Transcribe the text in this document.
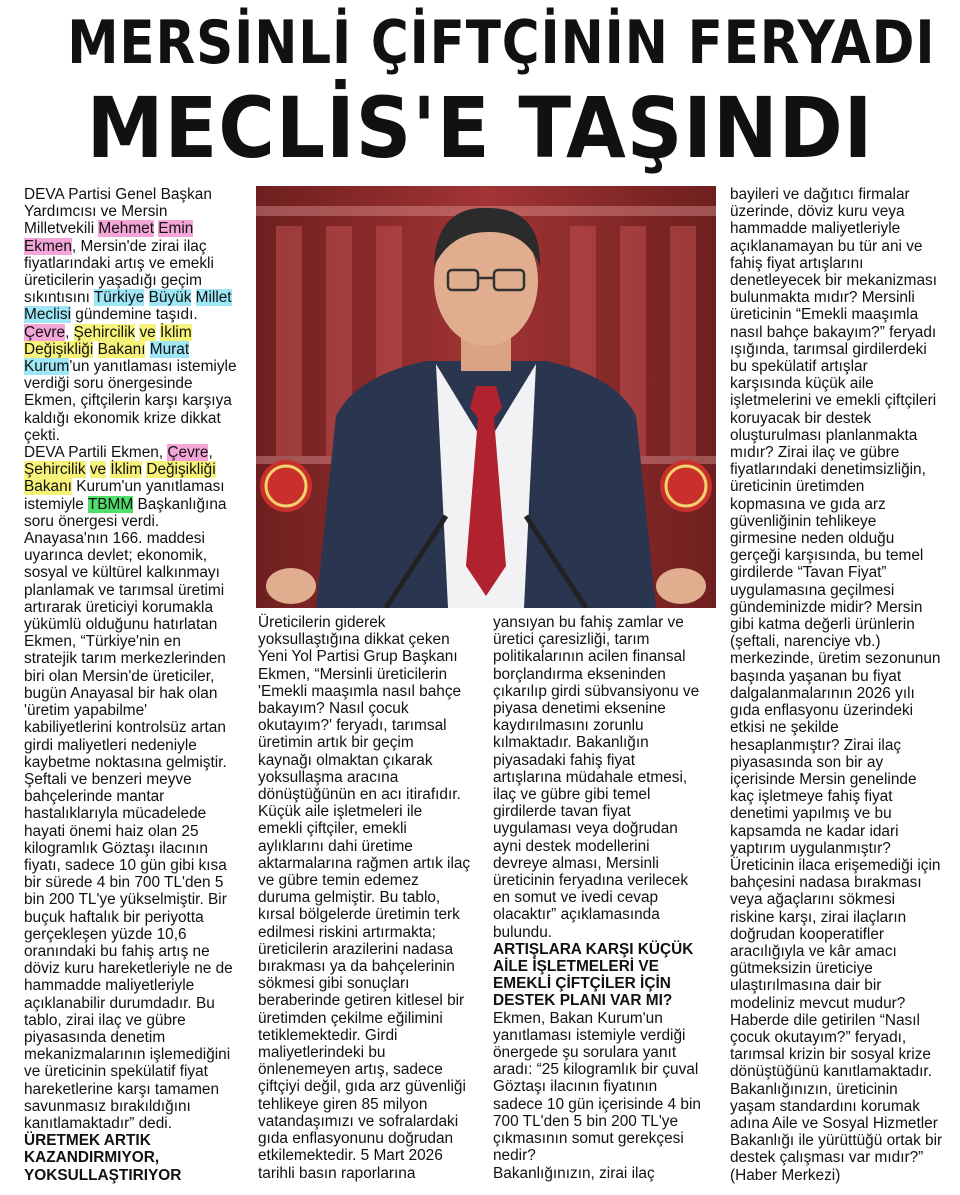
MERSİNLİ ÇİFTÇİNİN FERYADI
MECLİS'E TAŞINDI

DEVA Partisi Genel Başkan

Yardımcısı ve Mersin

Milletvekili Mehmet Emin

Ekmen, Mersin'de zirai ilaç

fiyatlarındaki artış ve emekli

üreticilerin yaşadığı geçim

sıkıntısını Türkiye Büyük Millet

Meclisi gündemine taşıdı.

Çevre, Şehircilik ve İklim

Değişikliği Bakanı Murat

Kurum'un yanıtlaması istemiyle

verdiği soru önergesinde

Ekmen, çiftçilerin karşı karşıya

kaldığı ekonomik krize dikkat

çekti.

DEVA Partili Ekmen, Çevre,

Şehircilik ve İklim Değişikliği

Bakanı Kurum'un yanıtlaması

istemiyle TBMM Başkanlığına

soru önergesi verdi.

Anayasa'nın 166. maddesi

uyarınca devlet; ekonomik,

sosyal ve kültürel kalkınmayı

planlamak ve tarımsal üretimi

artırarak üreticiyi korumakla

yükümlü olduğunu hatırlatan

Ekmen, “Türkiye'nin en

stratejik tarım merkezlerinden

biri olan Mersin'de üreticiler,

bugün Anayasal bir hak olan

'üretim yapabilme'

kabiliyetlerini kontrolsüz artan

girdi maliyetleri nedeniyle

kaybetme noktasına gelmiştir.

Şeftali ve benzeri meyve

bahçelerinde mantar

hastalıklarıyla mücadelede

hayati önemi haiz olan 25

kilogramlık Göztaşı ilacının

fiyatı, sadece 10 gün gibi kısa

bir sürede 4 bin 700 TL'den 5

bin 200 TL'ye yükselmiştir. Bir

buçuk haftalık bir periyotta

gerçekleşen yüzde 10,6

oranındaki bu fahiş artış ne

döviz kuru hareketleriyle ne de

hammadde maliyetleriyle

açıklanabilir durumdadır. Bu

tablo, zirai ilaç ve gübre

piyasasında denetim

mekanizmalarının işlemediğini

ve üreticinin spekülatif fiyat

hareketlerine karşı tamamen

savunmasız bırakıldığını

kanıtlamaktadır” dedi.

ÜRETMEK ARTIK

KAZANDIRMIYOR,

YOKSULLAŞTIRIYOR

Üreticilerin giderek

yoksullaştığına dikkat çeken

Yeni Yol Partisi Grup Başkanı

Ekmen, “Mersinli üreticilerin

'Emekli maaşımla nasıl bahçe

bakayım? Nasıl çocuk

okutayım?' feryadı, tarımsal

üretimin artık bir geçim

kaynağı olmaktan çıkarak

yoksullaşma aracına

dönüştüğünün en acı itirafıdır.

Küçük aile işletmeleri ile

emekli çiftçiler, emekli

aylıklarını dahi üretime

aktarmalarına rağmen artık ilaç

ve gübre temin edemez

duruma gelmiştir. Bu tablo,

kırsal bölgelerde üretimin terk

edilmesi riskini artırmakta;

üreticilerin arazilerini nadasa

bırakması ya da bahçelerinin

sökmesi gibi sonuçları

beraberinde getiren kitlesel bir

üretimden çekilme eğilimini

tetiklemektedir. Girdi

maliyetlerindeki bu

önlenemeyen artış, sadece

çiftçiyi değil, gıda arz güvenliği

tehlikeye giren 85 milyon

vatandaşımızı ve sofralardaki

gıda enflasyonunu doğrudan

etkilemektedir. 5 Mart 2026

tarihli basın raporlarına

yansıyan bu fahiş zamlar ve

üretici çaresizliği, tarım

politikalarının acilen finansal

borçlandırma ekseninden

çıkarılıp girdi sübvansiyonu ve

piyasa denetimi eksenine

kaydırılmasını zorunlu

kılmaktadır. Bakanlığın

piyasadaki fahiş fiyat

artışlarına müdahale etmesi,

ilaç ve gübre gibi temel

girdilerde tavan fiyat

uygulaması veya doğrudan

ayni destek modellerini

devreye alması, Mersinli

üreticinin feryadına verilecek

en somut ve ivedi cevap

olacaktır” açıklamasında

bulundu.

ARTIŞLARA KARŞI KÜÇÜK

AİLE İŞLETMELERİ VE

EMEKLİ ÇİFTÇİLER İÇİN

DESTEK PLANI VAR MI?

Ekmen, Bakan Kurum'un

yanıtlaması istemiyle verdiği

önergede şu sorulara yanıt

aradı: “25 kilogramlık bir çuval

Göztaşı ilacının fiyatının

sadece 10 gün içerisinde 4 bin

700 TL'den 5 bin 200 TL'ye

çıkmasının somut gerekçesi

nedir?

Bakanlığınızın, zirai ilaç

bayileri ve dağıtıcı firmalar

üzerinde, döviz kuru veya

hammadde maliyetleriyle

açıklanamayan bu tür ani ve

fahiş fiyat artışlarını

denetleyecek bir mekanizması

bulunmakta mıdır? Mersinli

üreticinin “Emekli maaşımla

nasıl bahçe bakayım?” feryadı

ışığında, tarımsal girdilerdeki

bu spekülatif artışlar

karşısında küçük aile

işletmelerini ve emekli çiftçileri

koruyacak bir destek

oluşturulması planlanmakta

mıdır? Zirai ilaç ve gübre

fiyatlarındaki denetimsizliğin,

üreticinin üretimden

kopmasına ve gıda arz

güvenliğinin tehlikeye

girmesine neden olduğu

gerçeği karşısında, bu temel

girdilerde “Tavan Fiyat”

uygulamasına geçilmesi

gündeminizde midir? Mersin

gibi katma değerli ürünlerin

(şeftali, narenciye vb.)

merkezinde, üretim sezonunun

başında yaşanan bu fiyat

dalgalanmalarının 2026 yılı

gıda enflasyonu üzerindeki

etkisi ne şekilde

hesaplanmıştır? Zirai ilaç

piyasasında son bir ay

içerisinde Mersin genelinde

kaç işletmeye fahiş fiyat

denetimi yapılmış ve bu

kapsamda ne kadar idari

yaptırım uygulanmıştır?

Üreticinin ilaca erişemediği için

bahçesini nadasa bırakması

veya ağaçlarını sökmesi

riskine karşı, zirai ilaçların

doğrudan kooperatifler

aracılığıyla ve kâr amacı

gütmeksizin üreticiye

ulaştırılmasına dair bir

modeliniz mevcut mudur?

Haberde dile getirilen “Nasıl

çocuk okutayım?” feryadı,

tarımsal krizin bir sosyal krize

dönüştüğünü kanıtlamaktadır.

Bakanlığınızın, üreticinin

yaşam standardını korumak

adına Aile ve Sosyal Hizmetler

Bakanlığı ile yürüttüğü ortak bir

destek çalışması var mıdır?”

(Haber Merkezi)
